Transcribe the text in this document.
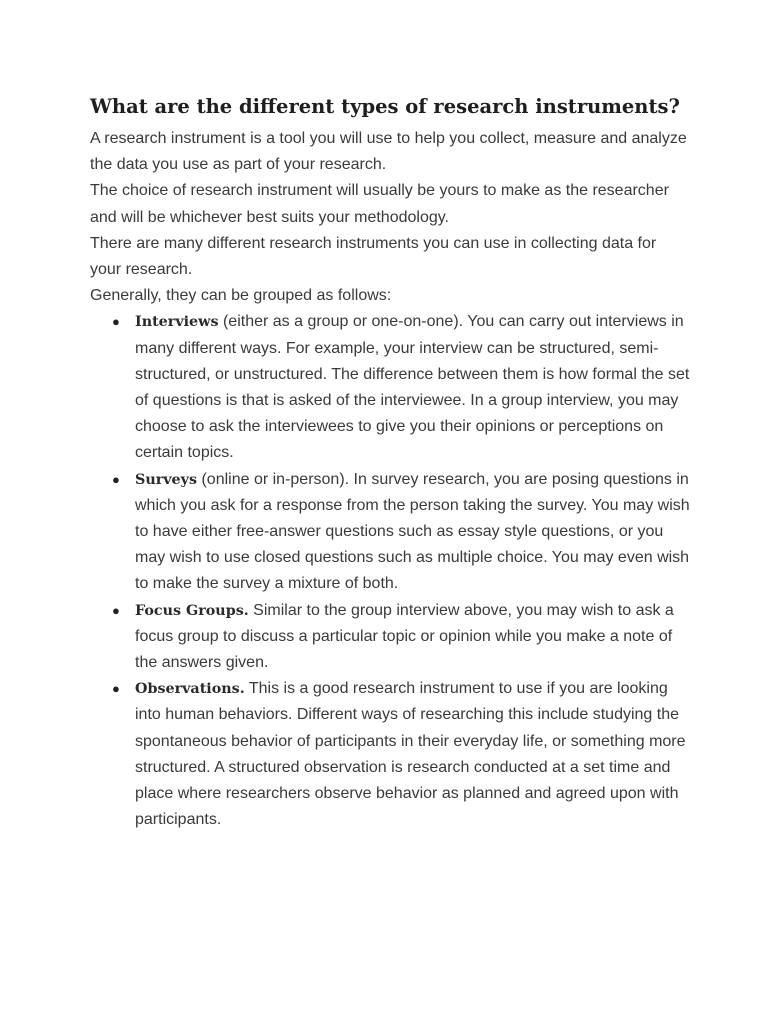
What are the different types of research instruments?

A research instrument is a tool you will use to help you collect, measure and analyze the data you use as part of your research.

The choice of research instrument will usually be yours to make as the researcher and will be whichever best suits your methodology.

There are many different research instruments you can use in collecting data for your research.

Generally, they can be grouped as follows:

● Interviews (either as a group or one-on-one). You can carry out interviews in many different ways. For example, your interview can be structured, semi-structured, or unstructured. The difference between them is how formal the set of questions is that is asked of the interviewee. In a group interview, you may choose to ask the interviewees to give you their opinions or perceptions on certain topics.
● Surveys (online or in-person). In survey research, you are posing questions in which you ask for a response from the person taking the survey. You may wish to have either free-answer questions such as essay style questions, or you may wish to use closed questions such as multiple choice. You may even wish to make the survey a mixture of both.
● Focus Groups. Similar to the group interview above, you may wish to ask a focus group to discuss a particular topic or opinion while you make a note of the answers given.
● Observations. This is a good research instrument to use if you are looking into human behaviors. Different ways of researching this include studying the spontaneous behavior of participants in their everyday life, or something more structured. A structured observation is research conducted at a set time and place where researchers observe behavior as planned and agreed upon with participants.
